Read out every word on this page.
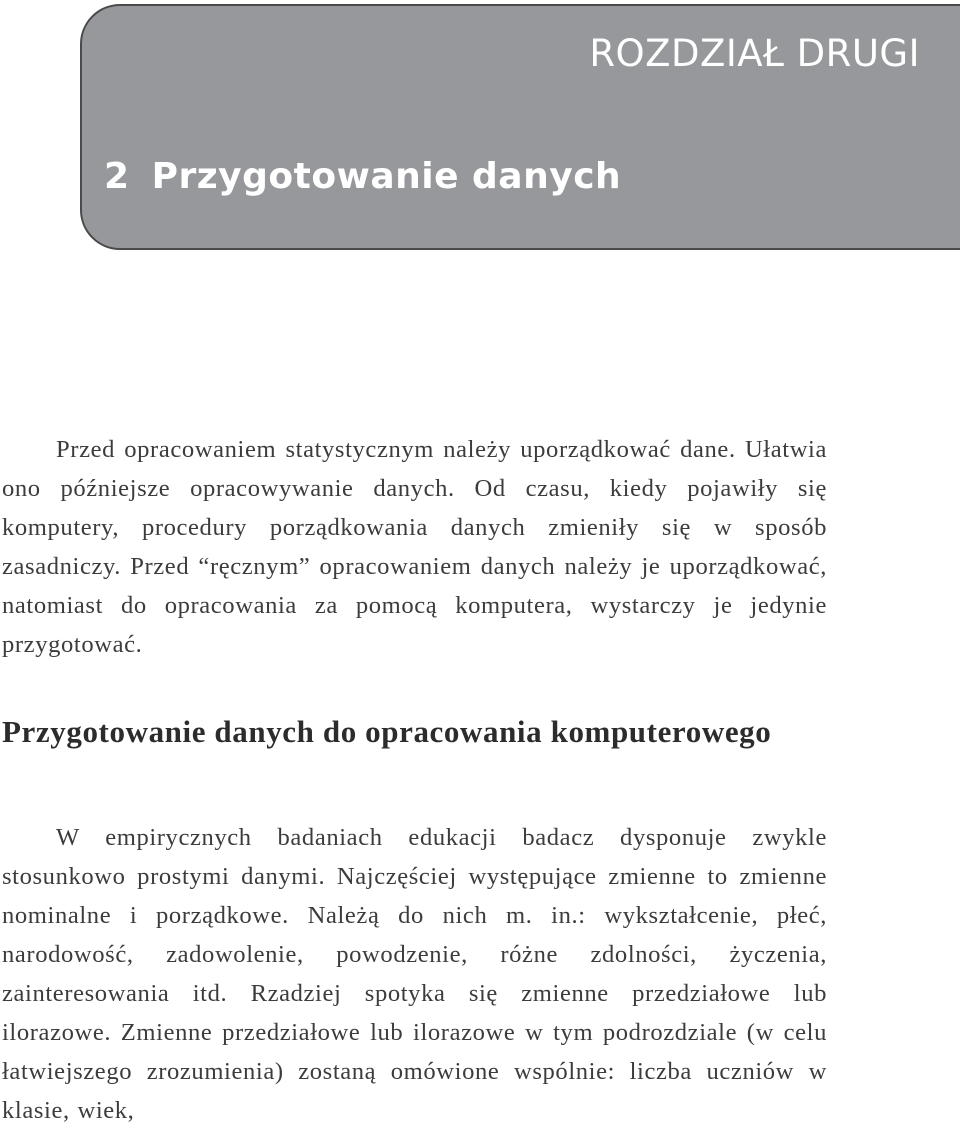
ROZDZIAŁ DRUGI
2 Przygotowanie danych

Przed opracowaniem statystycznym należy uporządkować dane. Ułatwia ono późniejsze opracowywanie danych. Od czasu, kiedy pojawiły się komputery, procedury porządkowania danych zmieniły się w sposób zasadniczy. Przed “ręcznym” opracowaniem danych należy je uporządkować, natomiast do opracowania za pomocą komputera, wystarczy je jedynie przygotować.

Przygotowanie danych do opracowania komputerowego

W empirycznych badaniach edukacji badacz dysponuje zwykle stosunkowo prostymi danymi. Najczęściej występujące zmienne to zmienne nominalne i porządkowe. Należą do nich m. in.: wykształcenie, płeć, narodowość, zadowolenie, powodzenie, różne zdolności, życzenia, zainteresowania itd. Rzadziej spotyka się zmienne przedziałowe lub ilorazowe. Zmienne przedziałowe lub ilorazowe w tym podrozdziale (w celu łatwiejszego zrozumienia) zostaną omówione wspólnie: liczba uczniów w klasie, wiek,
